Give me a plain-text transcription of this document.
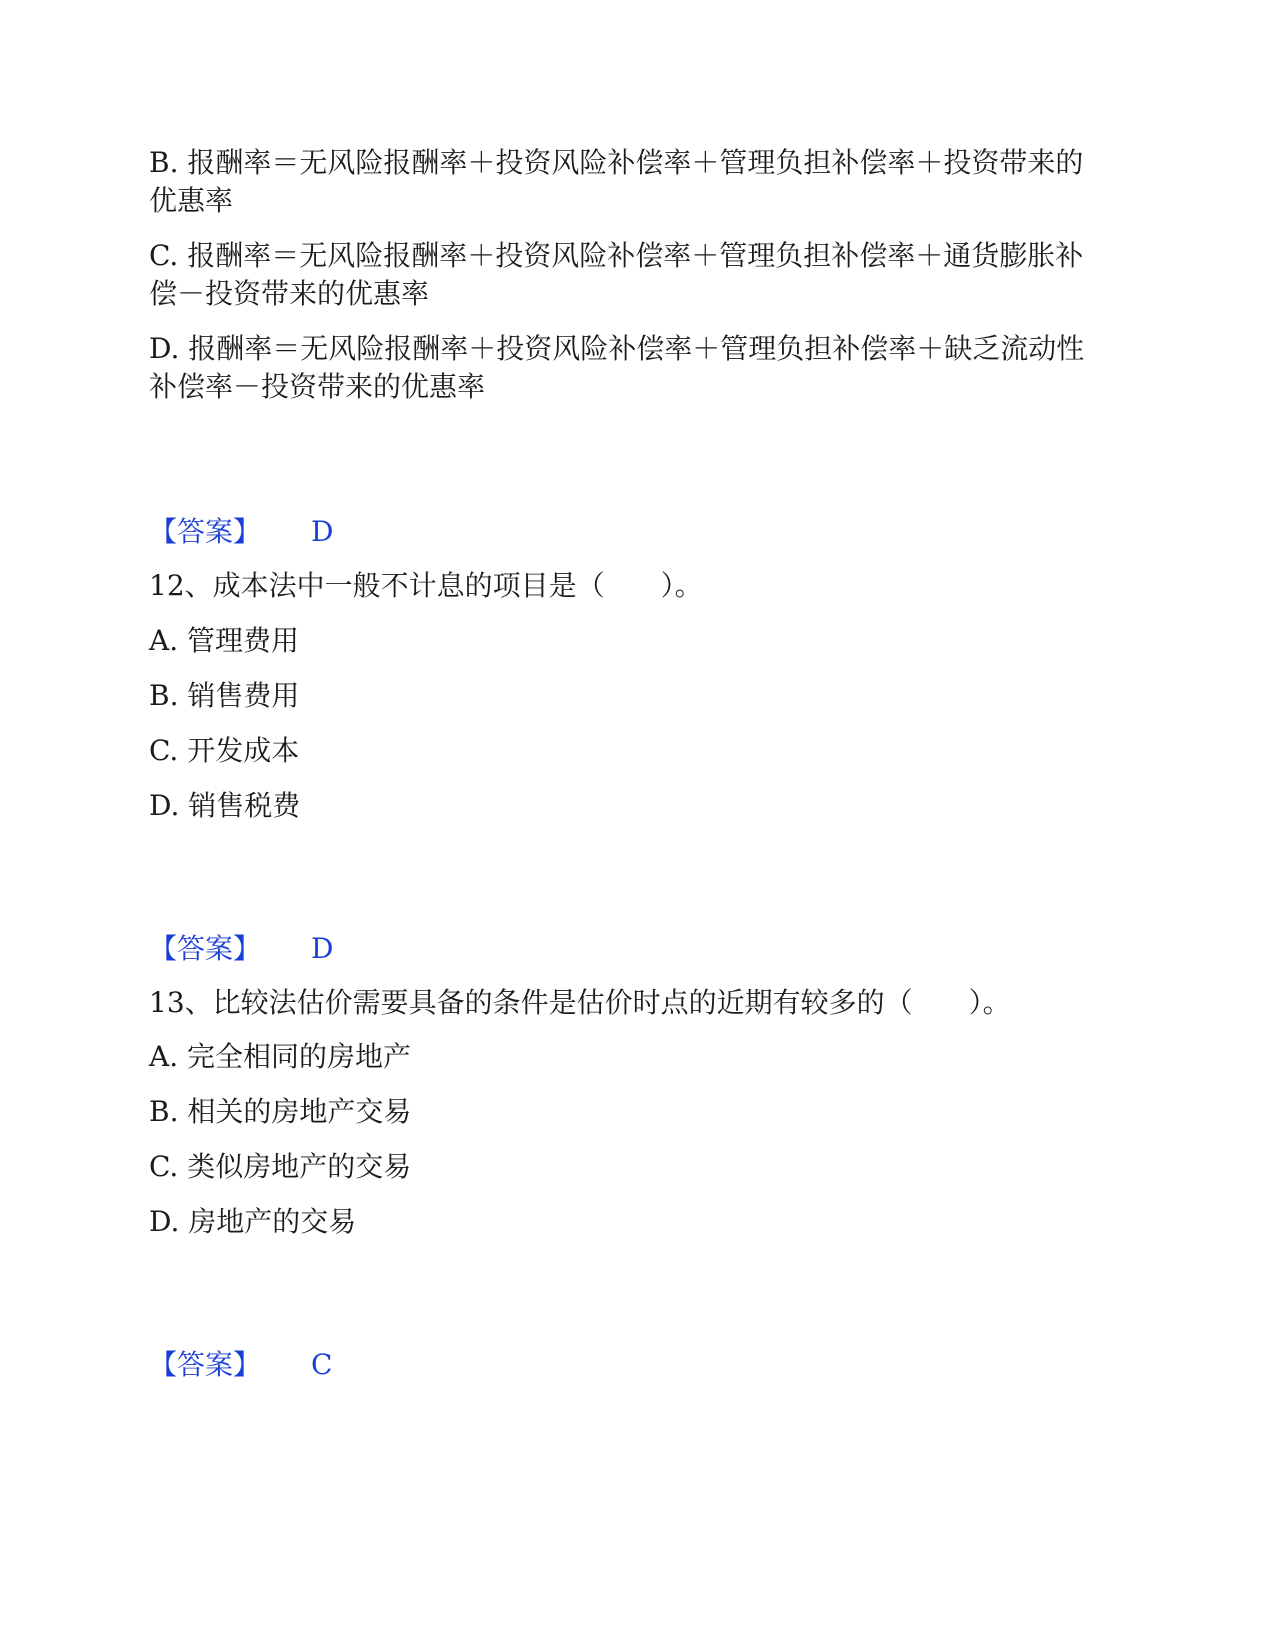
B. 报酬率＝无风险报酬率＋投资风险补偿率＋管理负担补偿率＋投资带来的
优惠率
C. 报酬率＝无风险报酬率＋投资风险补偿率＋管理负担补偿率＋通货膨胀补
偿－投资带来的优惠率
D. 报酬率＝无风险报酬率＋投资风险补偿率＋管理负担补偿率＋缺乏流动性
补偿率－投资带来的优惠率
【答案】 D
12、成本法中一般不计息的项目是（　　）。
A. 管理费用
B. 销售费用
C. 开发成本
D. 销售税费
【答案】 D
13、比较法估价需要具备的条件是估价时点的近期有较多的（　　）。
A. 完全相同的房地产
B. 相关的房地产交易
C. 类似房地产的交易
D. 房地产的交易
【答案】 C
